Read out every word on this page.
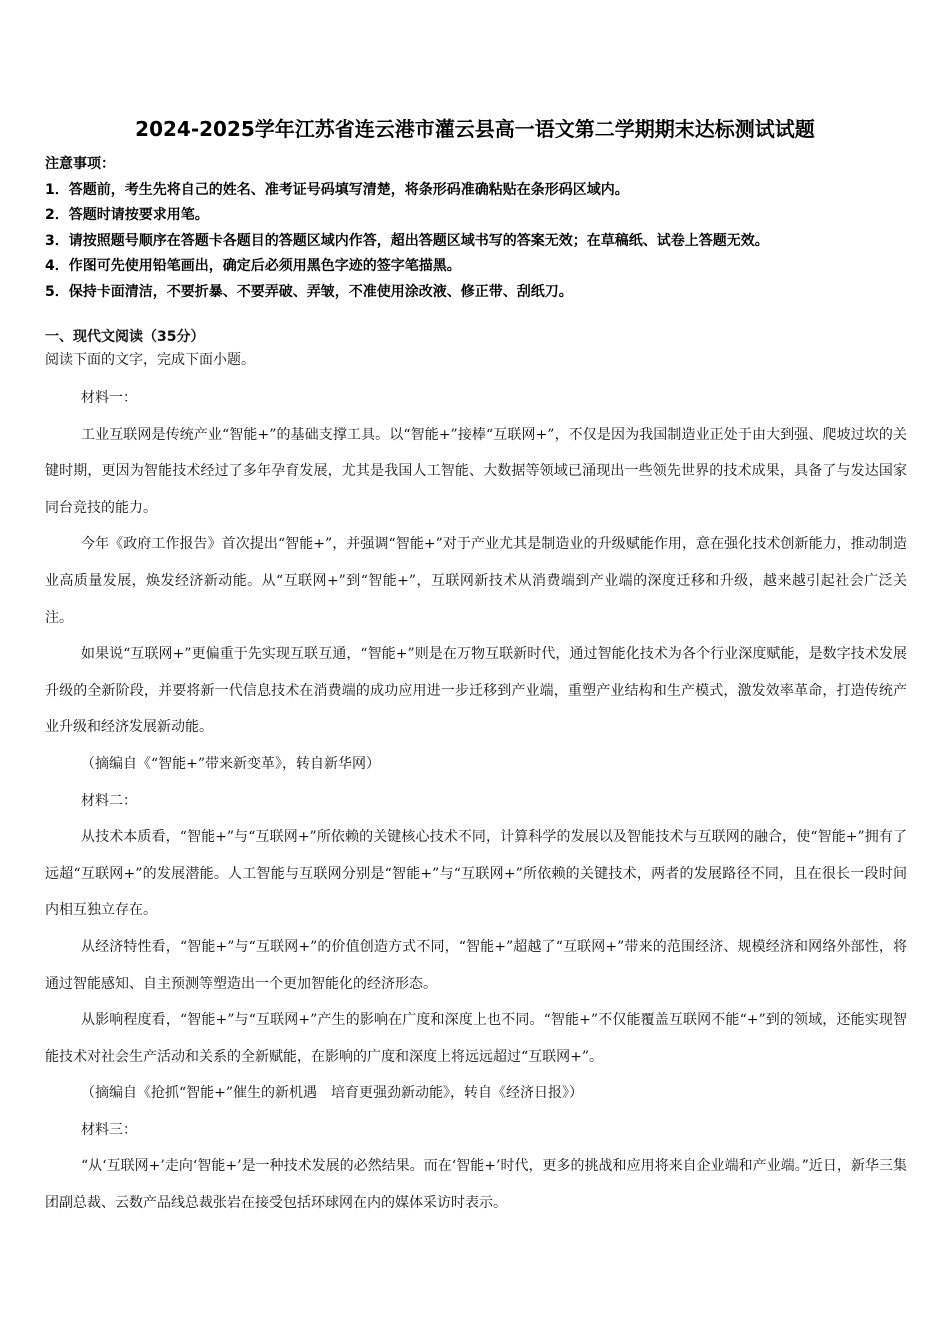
2024-2025学年江苏省连云港市灌云县高一语文第二学期期末达标测试试题
注意事项：
1．答题前，考生先将自己的姓名、准考证号码填写清楚，将条形码准确粘贴在条形码区域内。
2．答题时请按要求用笔。
3．请按照题号顺序在答题卡各题目的答题区域内作答，超出答题区域书写的答案无效；在草稿纸、试卷上答题无效。
4．作图可先使用铅笔画出，确定后必须用黑色字迹的签字笔描黑。
5．保持卡面清洁，不要折暴、不要弄破、弄皱，不准使用涂改液、修正带、刮纸刀。
一、现代文阅读（35分）
阅读下面的文字，完成下面小题。

材料一：

工业互联网是传统产业“智能+”的基础支撑工具。以“智能+”接棒“互联网+”，不仅是因为我国制造业正处于由大到强、爬坡过坎的关键时期，更因为智能技术经过了多年孕育发展，尤其是我国人工智能、大数据等领域已涌现出一些领先世界的技术成果，具备了与发达国家同台竞技的能力。

今年《政府工作报告》首次提出“智能+”，并强调“智能+”对于产业尤其是制造业的升级赋能作用，意在强化技术创新能力，推动制造业高质量发展，焕发经济新动能。从“互联网+”到“智能+”，互联网新技术从消费端到产业端的深度迁移和升级，越来越引起社会广泛关注。

如果说“互联网+”更偏重于先实现互联互通，“智能+”则是在万物互联新时代，通过智能化技术为各个行业深度赋能，是数字技术发展升级的全新阶段，并要将新一代信息技术在消费端的成功应用进一步迁移到产业端，重塑产业结构和生产模式，激发效率革命，打造传统产业升级和经济发展新动能。

（摘编自《“智能+”带来新变革》，转自新华网）

材料二：

从技术本质看，“智能+”与“互联网+”所依赖的关键核心技术不同，计算科学的发展以及智能技术与互联网的融合，使“智能+”拥有了远超“互联网+”的发展潜能。人工智能与互联网分别是“智能+”与“互联网+”所依赖的关键技术，两者的发展路径不同，且在很长一段时间内相互独立存在。

从经济特性看，“智能+”与“互联网+”的价值创造方式不同，“智能+”超越了“互联网+”带来的范围经济、规模经济和网络外部性，将通过智能感知、自主预测等塑造出一个更加智能化的经济形态。

从影响程度看，“智能+”与“互联网+”产生的影响在广度和深度上也不同。“智能+”不仅能覆盖互联网不能“+”到的领域，还能实现智能技术对社会生产活动和关系的全新赋能，在影响的广度和深度上将远远超过“互联网+”。

（摘编自《抢抓“智能+”催生的新机遇　培育更强劲新动能》，转自《经济日报》）

材料三：

“从‘互联网+’走向‘智能+’是一种技术发展的必然结果。而在‘智能+’时代，更多的挑战和应用将来自企业端和产业端。”近日，新华三集团副总裁、云数产品线总裁张岩在接受包括环球网在内的媒体采访时表示。
